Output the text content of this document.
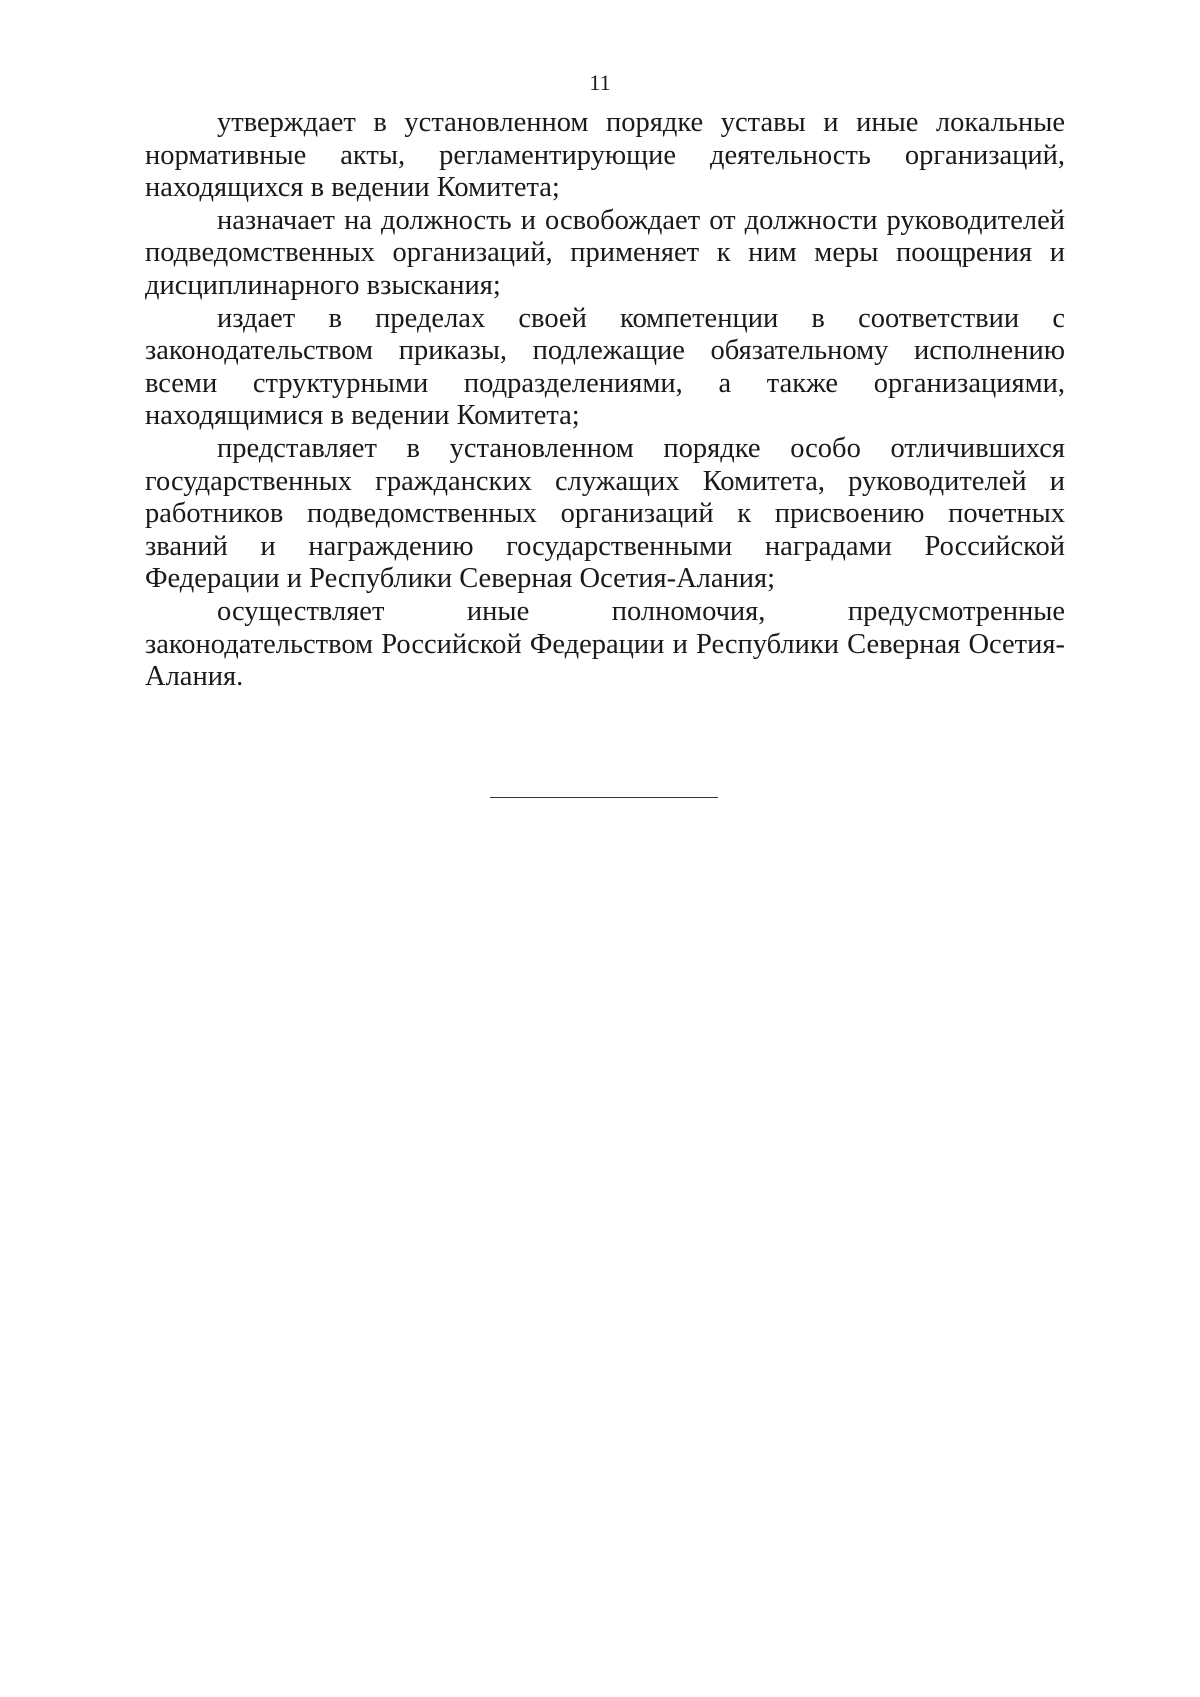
11

утверждает в установленном порядке уставы и иные локальные нормативные акты, регламентирующие деятельность организаций, находящихся в ведении Комитета;

назначает на должность и освобождает от должности руководителей подведомственных организаций, применяет к ним меры поощрения и дисциплинарного взыскания;

издает в пределах своей компетенции в соответствии с законодательством приказы, подлежащие обязательному исполнению всеми структурными подразделениями, а также организациями, находящимися в ведении Комитета;

представляет в установленном порядке особо отличившихся государственных гражданских служащих Комитета, руководителей и работников подведомственных организаций к присвоению почетных званий и награждению государственными наградами Российской Федерации и Республики Северная Осетия-Алания;

осуществляет иные полномочия, предусмотренные законодательством Российской Федерации и Республики Северная Осетия-Алания.
